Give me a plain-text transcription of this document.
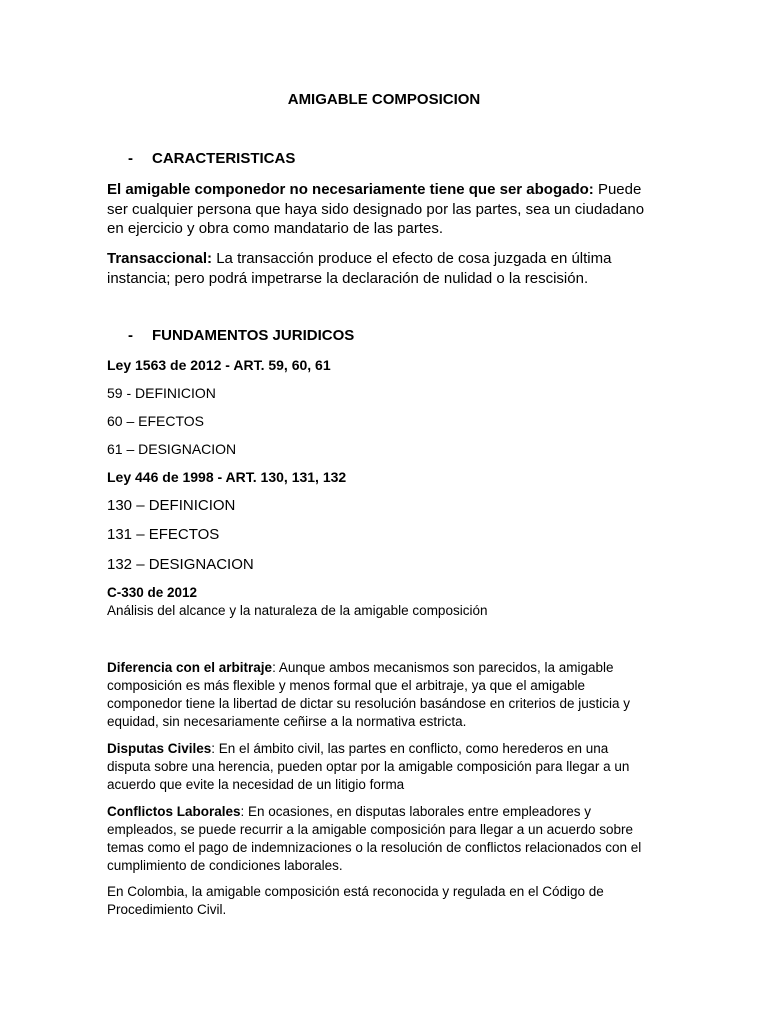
AMIGABLE COMPOSICION
- CARACTERISTICAS
El amigable componedor no necesariamente tiene que ser abogado: Puede
ser cualquier persona que haya sido designado por las partes, sea un ciudadano
en ejercicio y obra como mandatario de las partes.
Transaccional: La transacción produce el efecto de cosa juzgada en última
instancia; pero podrá impetrarse la declaración de nulidad o la rescisión.
- FUNDAMENTOS JURIDICOS
Ley 1563 de 2012 - ART. 59, 60, 61
59 - DEFINICION
60 – EFECTOS
61 – DESIGNACION
Ley 446 de 1998 - ART. 130, 131, 132
130 – DEFINICION
131 – EFECTOS
132 – DESIGNACION
C-330 de 2012
Análisis del alcance y la naturaleza de la amigable composición
Diferencia con el arbitraje: Aunque ambos mecanismos son parecidos, la amigable
composición es más flexible y menos formal que el arbitraje, ya que el amigable
componedor tiene la libertad de dictar su resolución basándose en criterios de justicia y
equidad, sin necesariamente ceñirse a la normativa estricta.
Disputas Civiles: En el ámbito civil, las partes en conflicto, como herederos en una
disputa sobre una herencia, pueden optar por la amigable composición para llegar a un
acuerdo que evite la necesidad de un litigio forma
Conflictos Laborales: En ocasiones, en disputas laborales entre empleadores y
empleados, se puede recurrir a la amigable composición para llegar a un acuerdo sobre
temas como el pago de indemnizaciones o la resolución de conflictos relacionados con el
cumplimiento de condiciones laborales.
En Colombia, la amigable composición está reconocida y regulada en el Código de
Procedimiento Civil.
